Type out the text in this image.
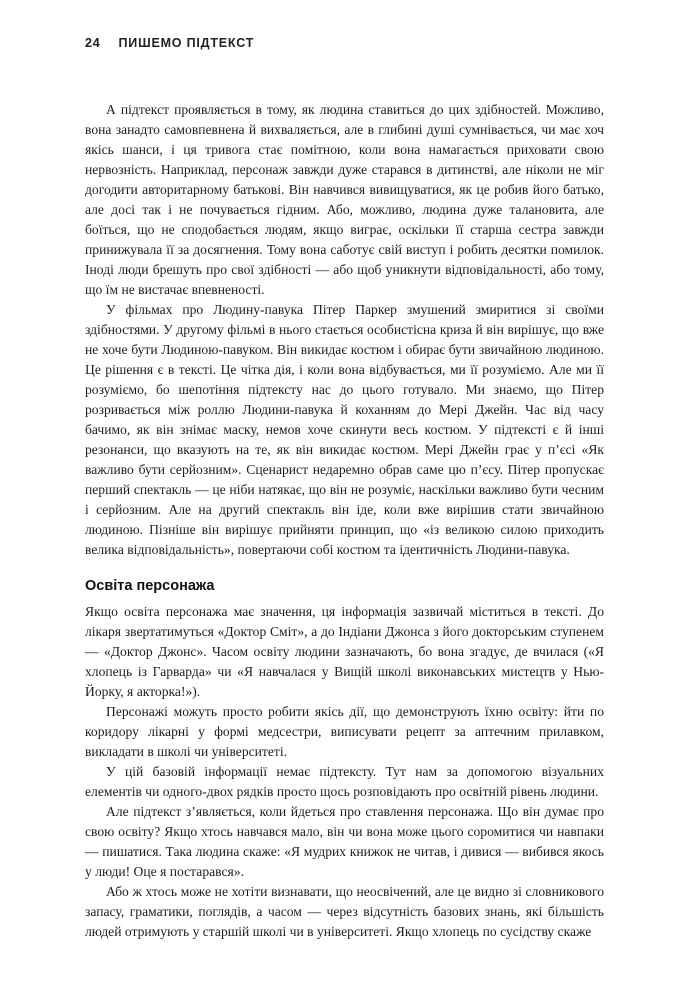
24 ПИШЕМО ПІДТЕКСТ

А підтекст проявляється в тому, як людина ставиться до цих здібностей. Можливо, вона занадто самовпевнена й вихваляється, але в глибині душі сумнівається, чи має хоч якісь шанси, і ця тривога стає помітною, коли вона намагається приховати свою нервозність. Наприклад, персонаж завжди дуже старався в дитинстві, але ніколи не міг догодити авторитарному батькові. Він навчився вивищуватися, як це робив його батько, але досі так і не почувається гідним. Або, можливо, людина дуже талановита, але боїться, що не сподобається людям, якщо виграє, оскільки її старша сестра завжди принижувала її за досягнення. Тому вона саботує свій виступ і робить десятки помилок. Іноді люди брешуть про свої здібності — або щоб уникнути відповідальності, або тому, що їм не вистачає впевненості.

У фільмах про Людину-павука Пітер Паркер змушений змиритися зі своїми здібностями. У другому фільмі в нього стається особистісна криза й він вирішує, що вже не хоче бути Людиною-павуком. Він викидає костюм і обирає бути звичайною людиною. Це рішення є в тексті. Це чітка дія, і коли вона відбувається, ми її розуміємо. Але ми її розуміємо, бо шепотіння підтексту нас до цього готувало. Ми знаємо, що Пітер розривається між роллю Людини-павука й коханням до Мері Джейн. Час від часу бачимо, як він знімає маску, немов хоче скинути весь костюм. У підтексті є й інші резонанси, що вказують на те, як він викидає костюм. Мері Джейн грає у п’єсі «Як важливо бути серйозним». Сценарист недаремно обрав саме цю п’єсу. Пітер пропускає перший спектакль — це ніби натякає, що він не розуміє, наскільки важливо бути чесним і серйозним. Але на другий спектакль він іде, коли вже вирішив стати звичайною людиною. Пізніше він вирішує прийняти принцип, що «із великою силою приходить велика відповідальність», повертаючи собі костюм та ідентичність Людини-павука.

Освіта персонажа

Якщо освіта персонажа має значення, ця інформація зазвичай міститься в тексті. До лікаря звертатимуться «Доктор Сміт», а до Індіани Джонса з його докторським ступенем — «Доктор Джонс». Часом освіту людини зазначають, бо вона згадує, де вчилася («Я хлопець із Гарварда» чи «Я навчалася у Вищій школі виконавських мистецтв у Нью-Йорку, я акторка!»).

Персонажі можуть просто робити якісь дії, що демонструють їхню освіту: йти по коридору лікарні у формі медсестри, виписувати рецепт за аптечним прилавком, викладати в школі чи університеті.

У цій базовій інформації немає підтексту. Тут нам за допомогою візуальних елементів чи одного-двох рядків просто щось розповідають про освітній рівень людини.

Але підтекст з’являється, коли йдеться про ставлення персонажа. Що він думає про свою освіту? Якщо хтось навчався мало, він чи вона може цього соромитися чи навпаки — пишатися. Така людина скаже: «Я мудрих книжок не читав, і дивися — вибився якось у люди! Оце я постарався».

Або ж хтось може не хотіти визнавати, що неосвічений, але це видно зі словникового запасу, граматики, поглядів, а часом — через відсутність базових знань, які більшість людей отримують у старшій школі чи в університеті. Якщо хлопець по сусідству скаже
